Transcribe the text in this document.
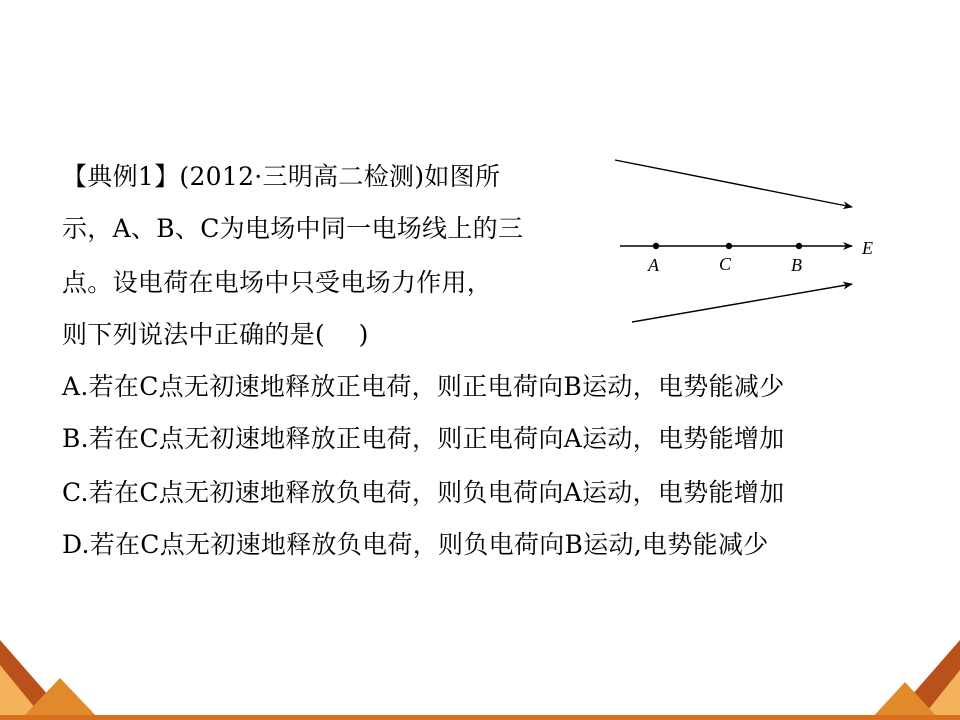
【典例1】(2012·三明高二检测)如图所
示，A、B、C为电场中同一电场线上的三
点。设电荷在电场中只受电场力作用，
则下列说法中正确的是(　 )
A.若在C点无初速地释放正电荷，则正电荷向B运动，电势能减少
B.若在C点无初速地释放正电荷，则正电荷向A运动，电势能增加
C.若在C点无初速地释放负电荷，则负电荷向A运动，电势能增加
D.若在C点无初速地释放负电荷，则负电荷向B运动,电势能减少
A	C	B
E
